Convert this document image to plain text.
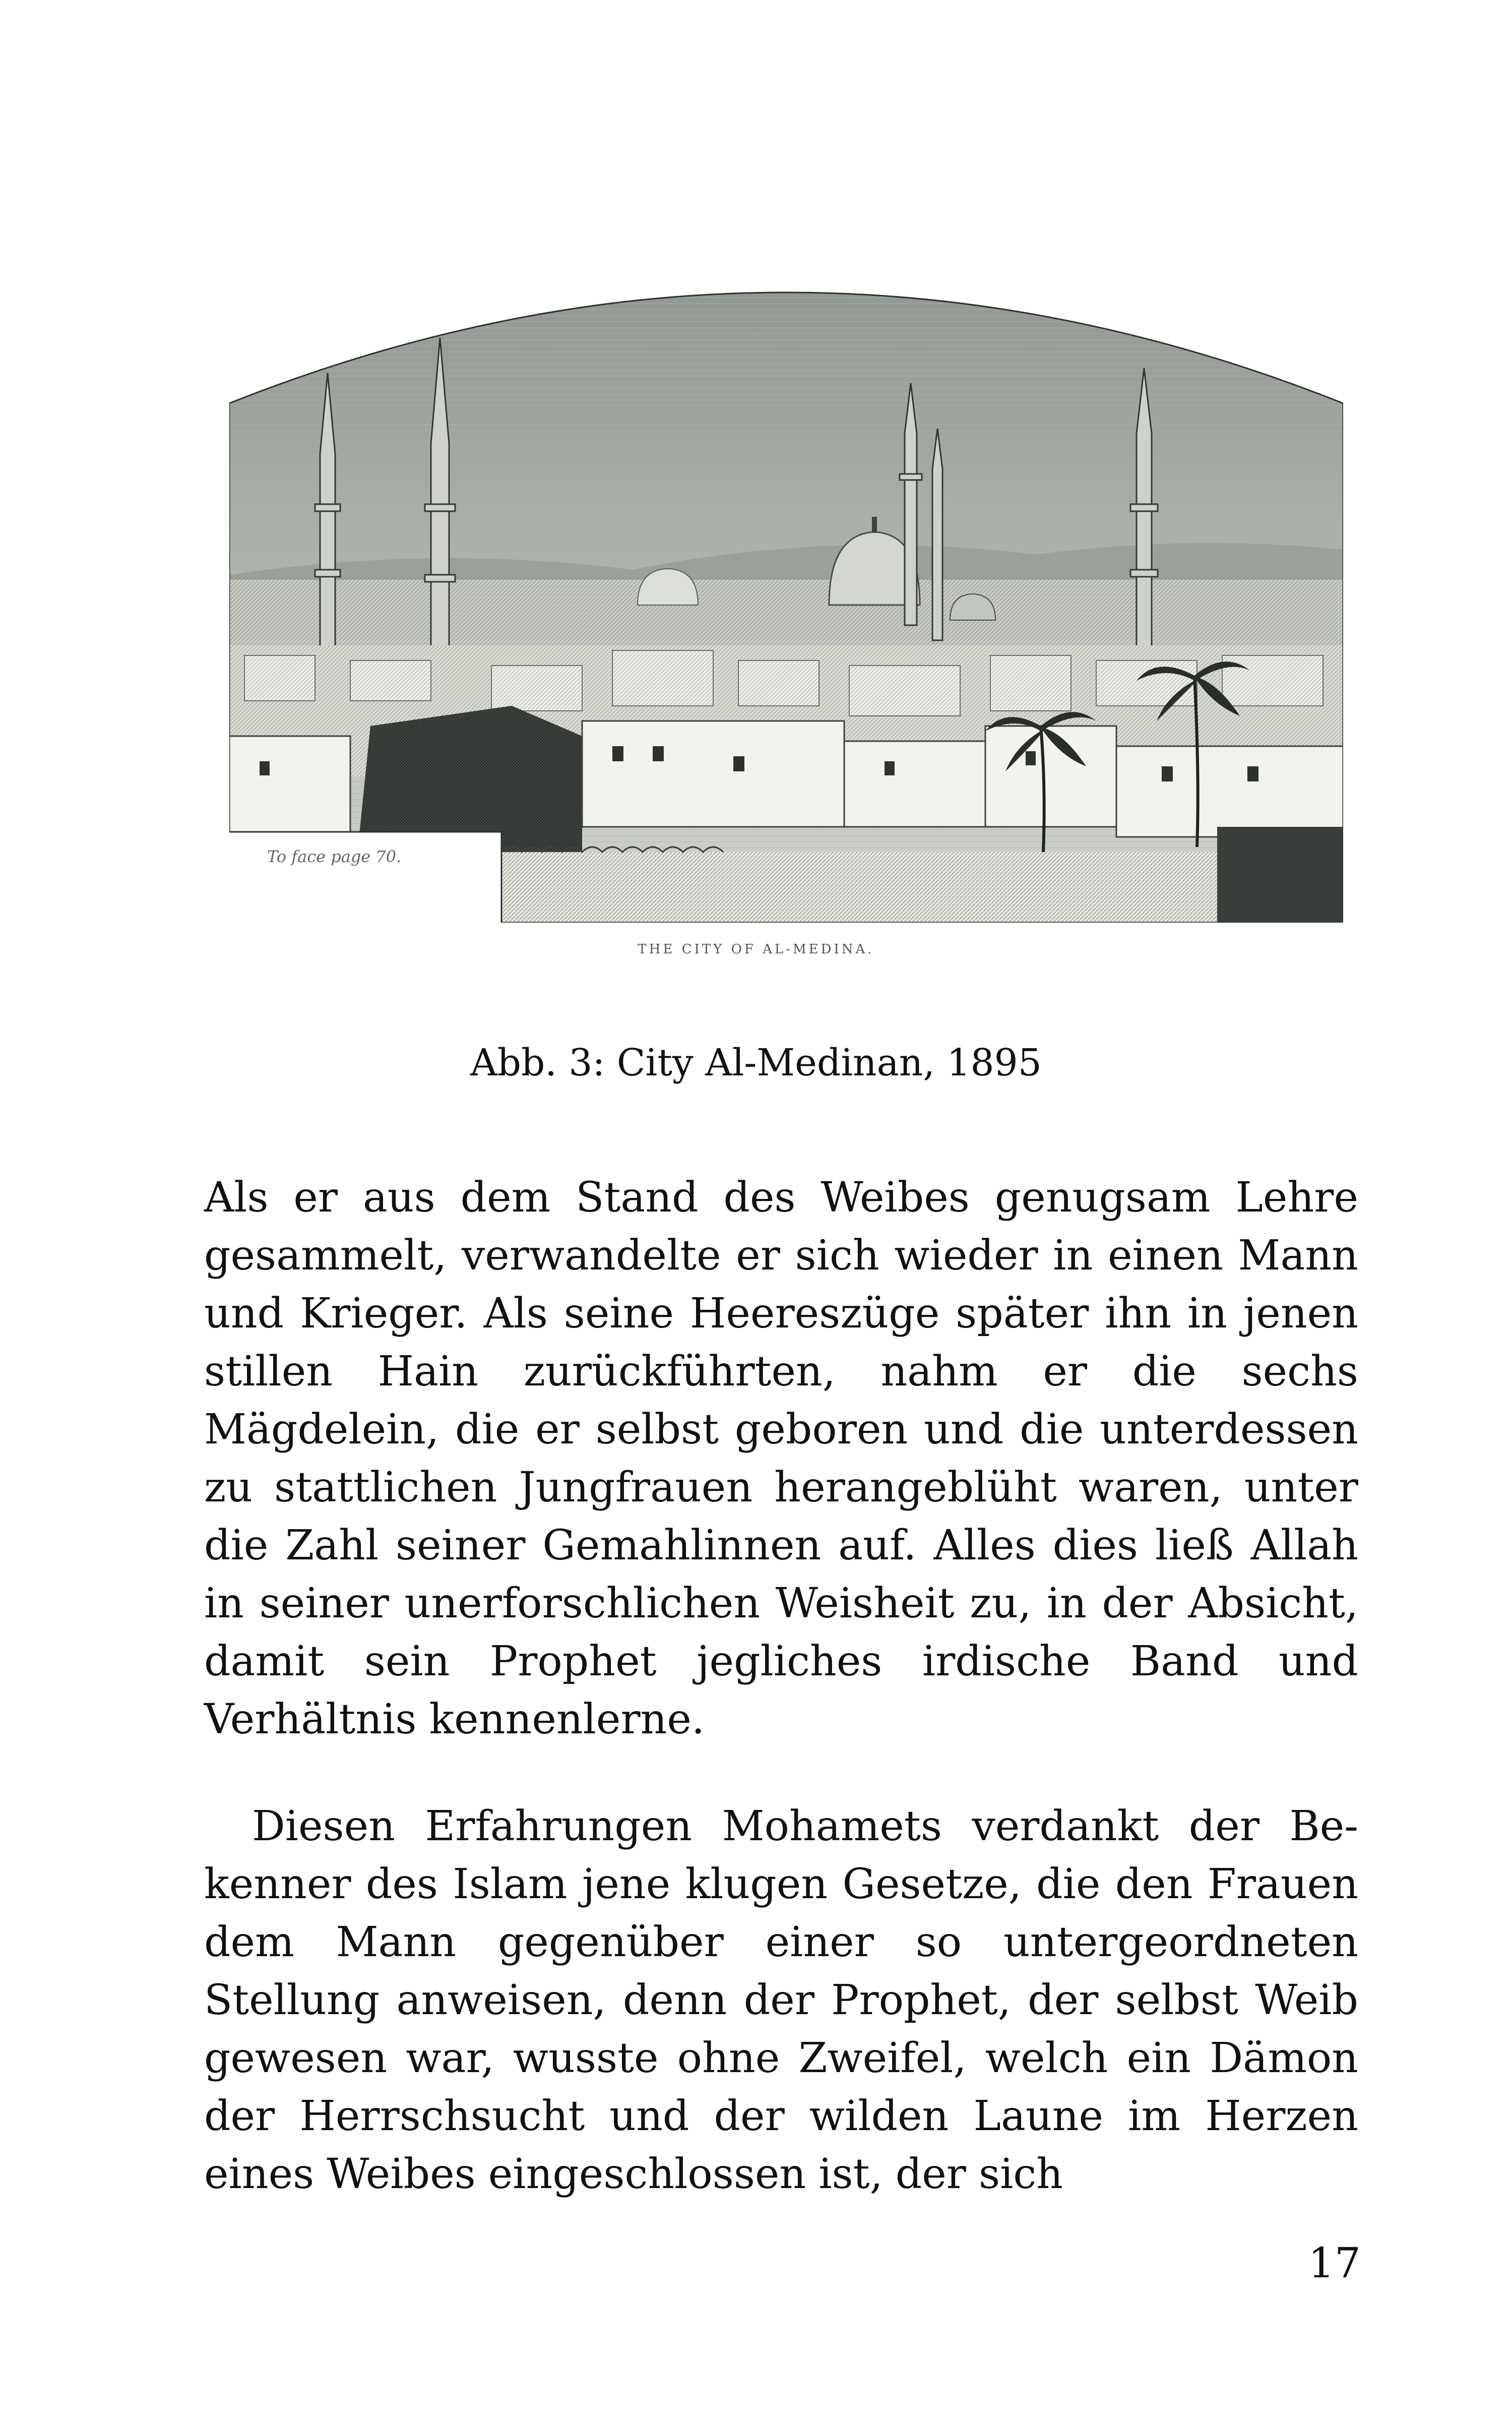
Grandsire
To face page 70.
THE CITY OF AL-MEDINA.
Abb. 3: City Al-Medinan, 1895

Als er aus dem Stand des Weibes genugsam Lehre gesammelt, verwandelte er sich wieder in einen Mann und Krieger. Als seine Heereszüge später ihn in jenen stillen Hain zurückführten, nahm er die sechs Mägdelein, die er selbst geboren und die unterdessen zu stattlichen Jungfrauen herangeblüht waren, unter die Zahl seiner Gemahlinnen auf. Alles dies ließ Allah in seiner unerforschlichen Weisheit zu, in der Absicht, damit sein Prophet jegliches irdische Band und Verhältnis kennenlerne.

Diesen Erfahrungen Mohamets verdankt der Bekenner des Islam jene klugen Gesetze, die den Frauen dem Mann gegenüber einer so untergeordneten Stellung anweisen, denn der Prophet, der selbst Weib gewesen war, wusste ohne Zweifel, welch ein Dämon der Herrschsucht und der wilden Laune im Herzen eines Weibes eingeschlossen ist, der sich

17
